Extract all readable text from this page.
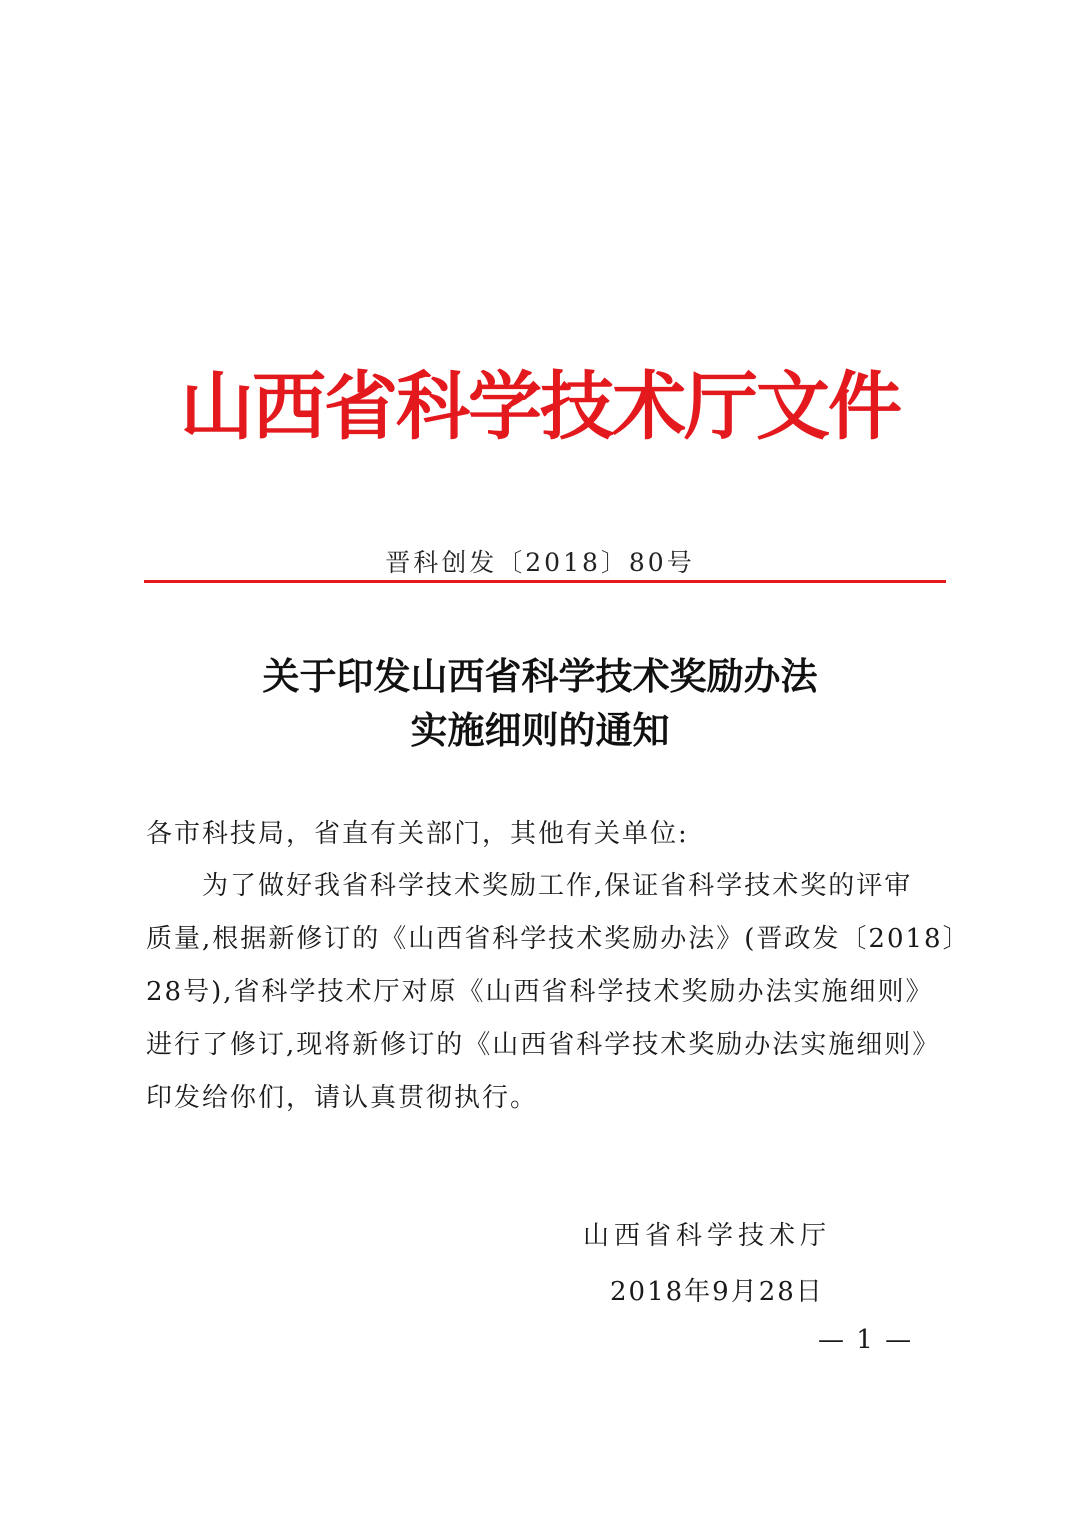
山西省科学技术厅文件
晋科创发〔2018〕80号
关于印发山西省科学技术奖励办法
实施细则的通知
各市科技局，省直有关部门，其他有关单位:
为了做好我省科学技术奖励工作,保证省科学技术奖的评审
质量,根据新修订的《山西省科学技术奖励办法》(晋政发〔2018〕
28号),省科学技术厅对原《山西省科学技术奖励办法实施细则》
进行了修订,现将新修订的《山西省科学技术奖励办法实施细则》
印发给你们，请认真贯彻执行。
山西省科学技术厅
2018年9月28日
— 1 —
